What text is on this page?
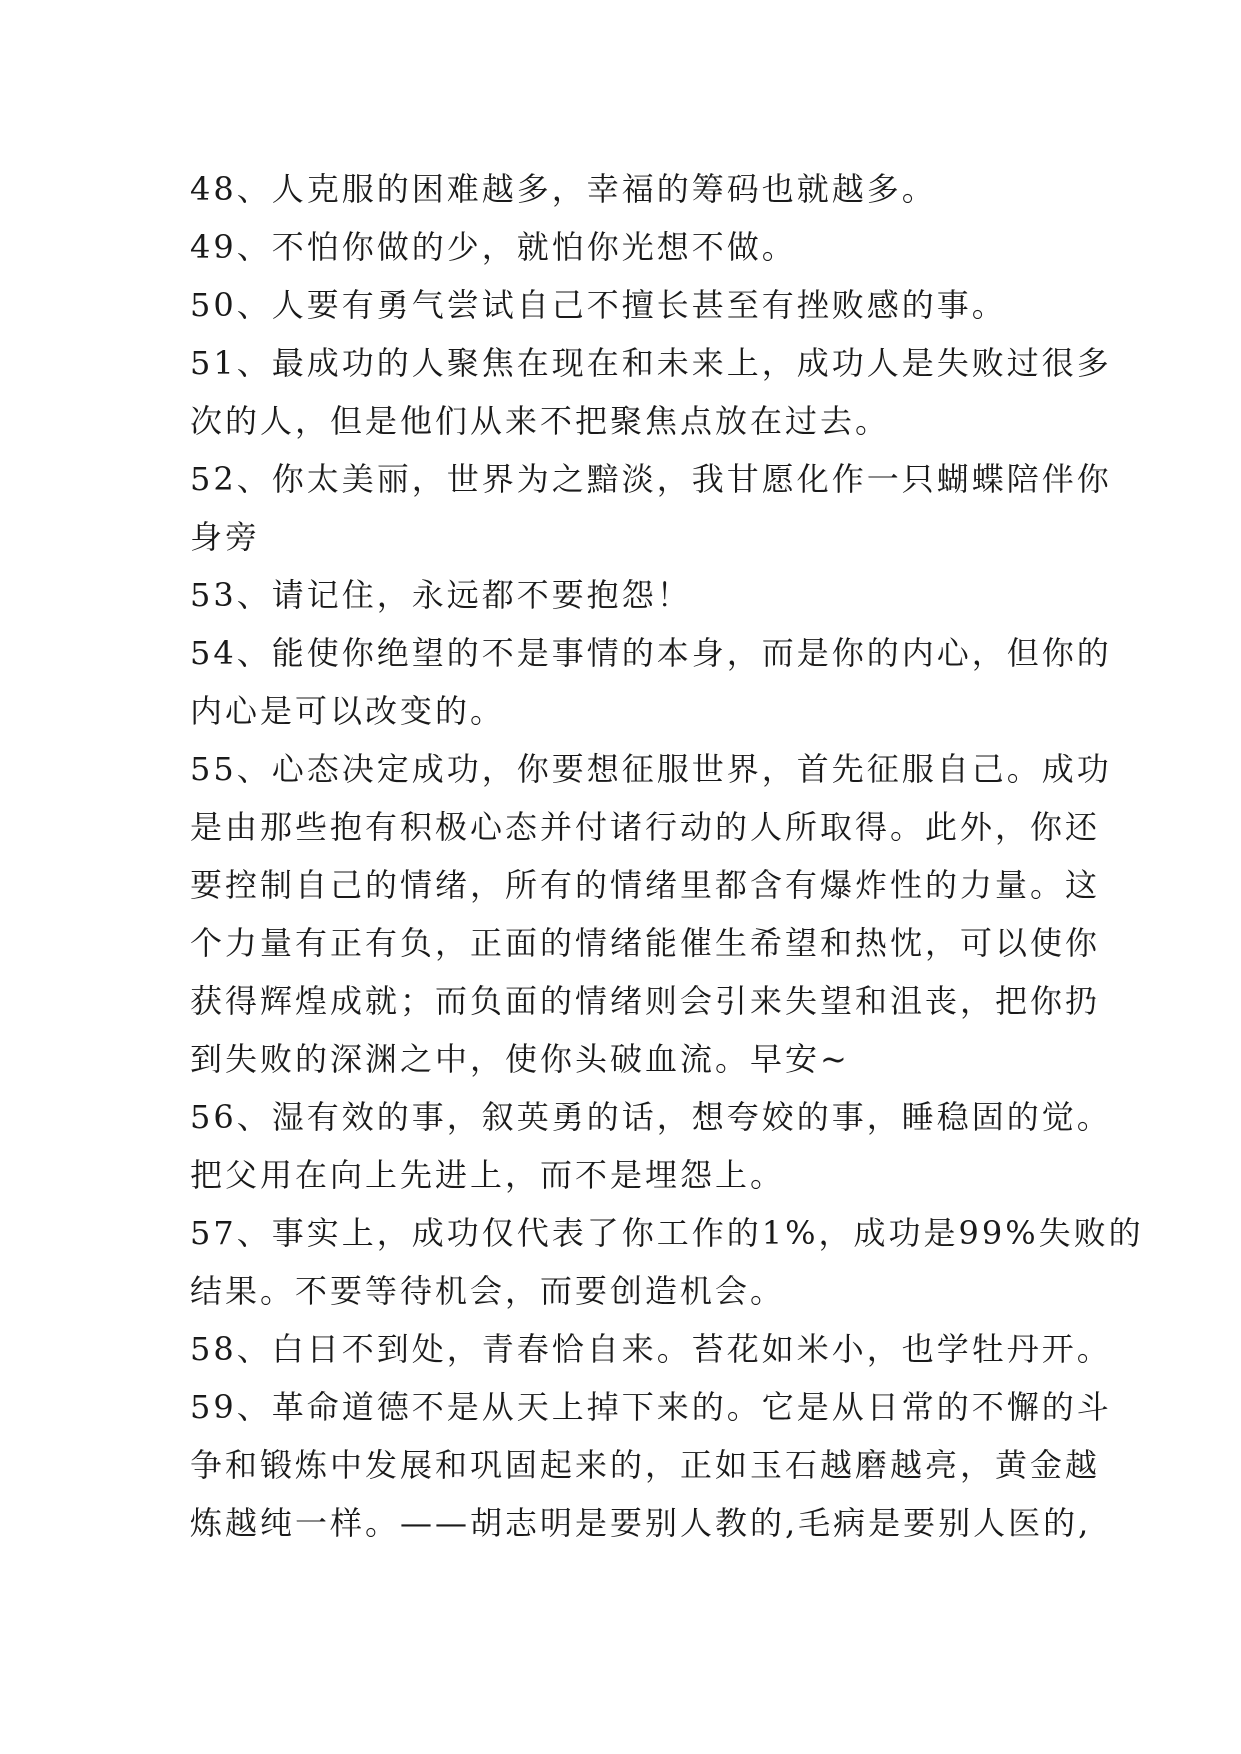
48、人克服的困难越多，幸福的筹码也就越多。
49、不怕你做的少，就怕你光想不做。
50、人要有勇气尝试自己不擅长甚至有挫败感的事。
51、最成功的人聚焦在现在和未来上，成功人是失败过很多
次的人，但是他们从来不把聚焦点放在过去。
52、你太美丽，世界为之黯淡，我甘愿化作一只蝴蝶陪伴你
身旁
53、请记住，永远都不要抱怨！
54、能使你绝望的不是事情的本身，而是你的内心，但你的
内心是可以改变的。
55、心态决定成功，你要想征服世界，首先征服自己。成功
是由那些抱有积极心态并付诸行动的人所取得。此外，你还
要控制自己的情绪，所有的情绪里都含有爆炸性的力量。这
个力量有正有负，正面的情绪能催生希望和热忱，可以使你
获得辉煌成就；而负面的情绪则会引来失望和沮丧，把你扔
到失败的深渊之中，使你头破血流。早安~
56、湿有效的事，叙英勇的话，想夸姣的事，睡稳固的觉。
把父用在向上先进上，而不是埋怨上。
57、事实上，成功仅代表了你工作的1%，成功是99%失败的
结果。不要等待机会，而要创造机会。
58、白日不到处，青春恰自来。苔花如米小，也学牡丹开。
59、革命道德不是从天上掉下来的。它是从日常的不懈的斗
争和锻炼中发展和巩固起来的，正如玉石越磨越亮，黄金越
炼越纯一样。——胡志明是要别人教的,毛病是要别人医的,
